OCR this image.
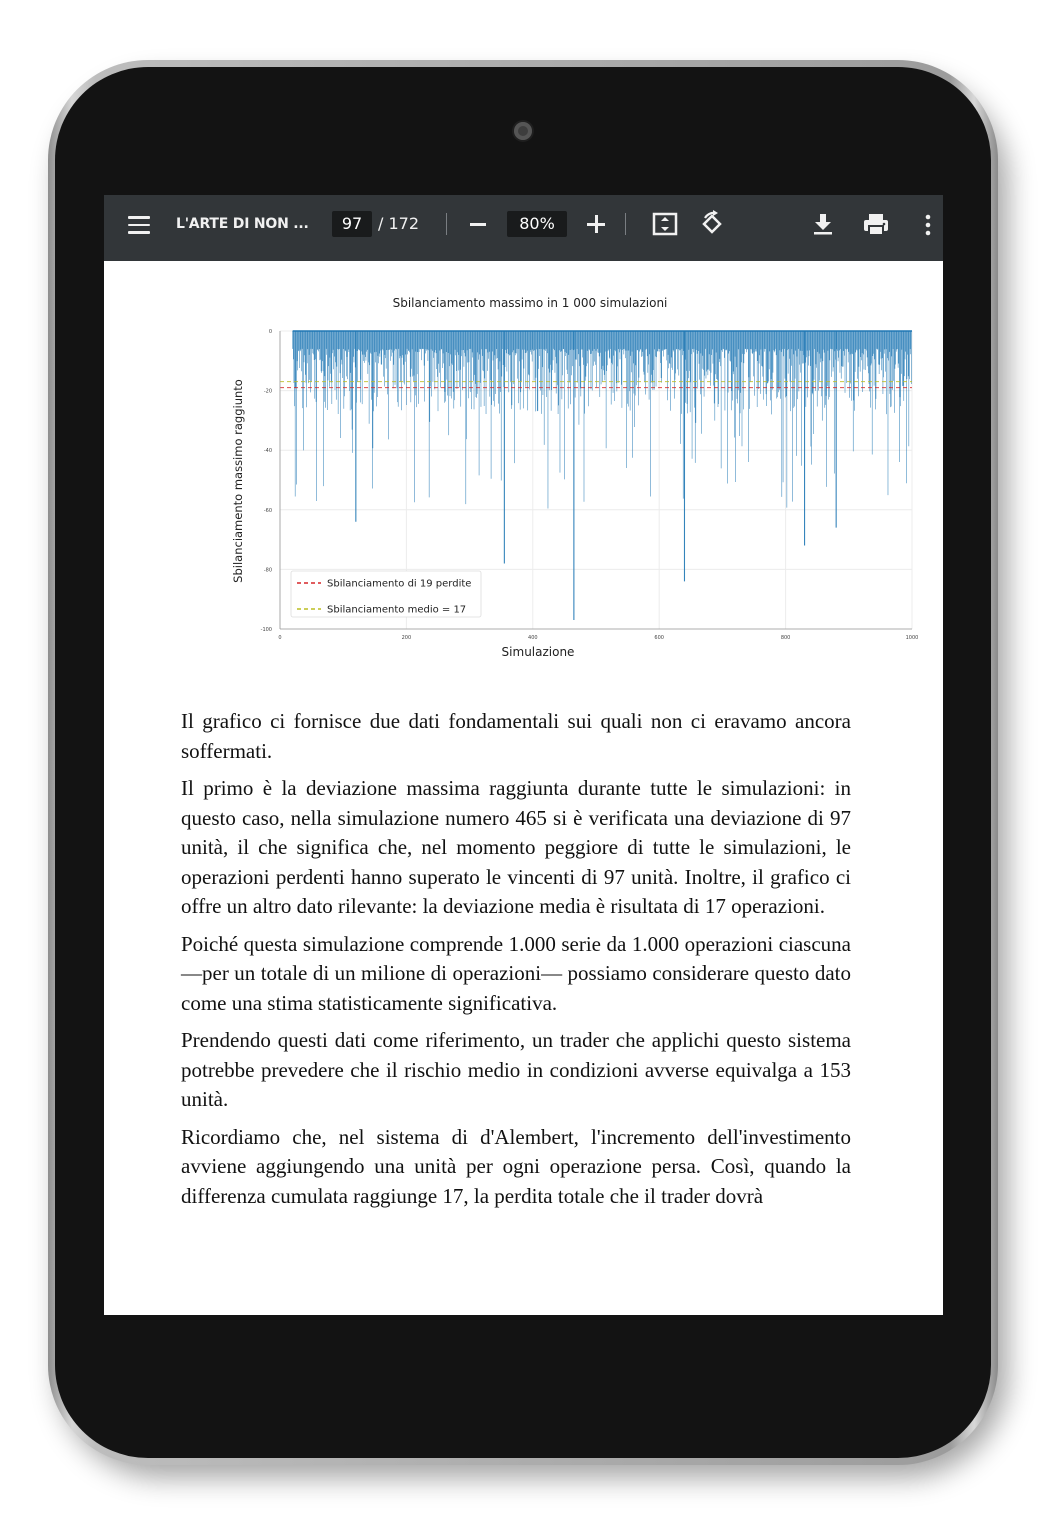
L'ARTE DI NON ...	97 / 172	80%
Sbilanciamento massimo in 1 000 simulazioni
0
-20
-40
-60
-80
-100
0	200	400	600	800	1000
Sbilanciamento di 19 perdite
Sbilanciamento medio = 17
Simulazione
Sbilanciamento massimo raggiunto

Il grafico ci fornisce due dati fondamentali sui quali non ci eravamo ancora soffermati.

Il primo è la deviazione massima raggiunta durante tutte le simulazioni: in questo caso, nella simulazione numero 465 si è verificata una deviazione di 97 unità, il che significa che, nel momento peggiore di tutte le simulazioni, le operazioni perdenti hanno superato le vincenti di 97 unità. Inoltre, il grafico ci offre un altro dato rilevante: la deviazione media è risultata di 17 operazioni.

Poiché questa simulazione comprende 1.000 serie da 1.000 operazioni ciascuna —per un totale di un milione di operazioni— possiamo considerare questo dato come una stima statisticamente significativa.

Prendendo questi dati come riferimento, un trader che applichi questo sistema potrebbe prevedere che il rischio medio in condizioni avverse equivalga a 153 unità.

Ricordiamo che, nel sistema di d'Alembert, l'incremento dell'investimento avviene aggiungendo una unità per ogni operazione persa. Così, quando la differenza cumulata raggiunge 17, la perdita totale che il trader dovrà
